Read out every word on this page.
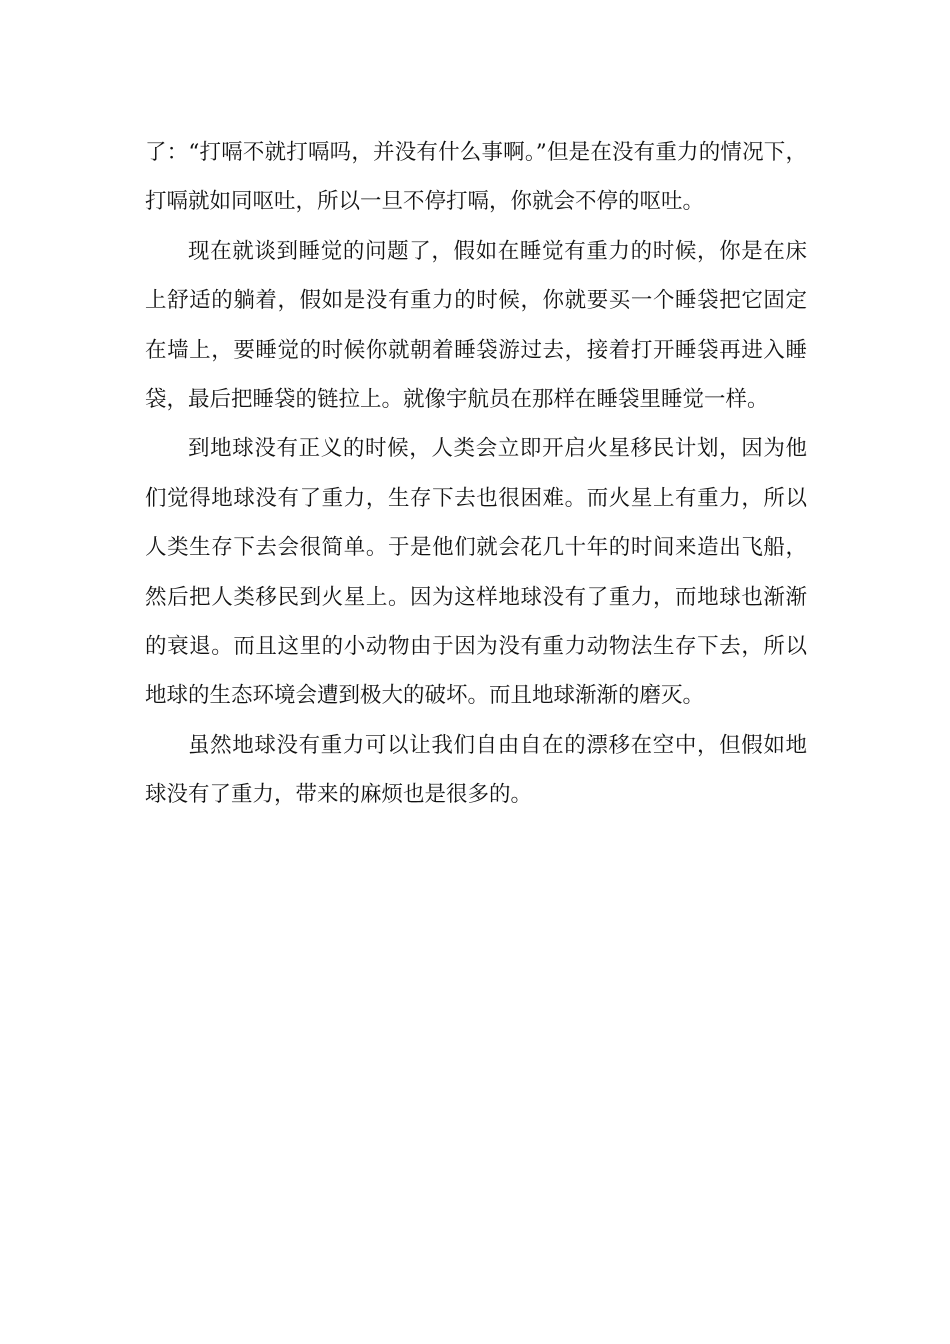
了：“打嗝不就打嗝吗，并没有什么事啊。”但是在没有重力的情况下，打嗝就如同呕吐，所以一旦不停打嗝，你就会不停的呕吐。

现在就谈到睡觉的问题了，假如在睡觉有重力的时候，你是在床上舒适的躺着，假如是没有重力的时候，你就要买一个睡袋把它固定在墙上，要睡觉的时候你就朝着睡袋游过去，接着打开睡袋再进入睡袋，最后把睡袋的链拉上。就像宇航员在那样在睡袋里睡觉一样。

到地球没有正义的时候，人类会立即开启火星移民计划，因为他们觉得地球没有了重力，生存下去也很困难。而火星上有重力，所以人类生存下去会很简单。于是他们就会花几十年的时间来造出飞船，然后把人类移民到火星上。因为这样地球没有了重力，而地球也渐渐的衰退。而且这里的小动物由于因为没有重力动物法生存下去，所以地球的生态环境会遭到极大的破坏。而且地球渐渐的磨灭。

虽然地球没有重力可以让我们自由自在的漂移在空中，但假如地球没有了重力，带来的麻烦也是很多的。
